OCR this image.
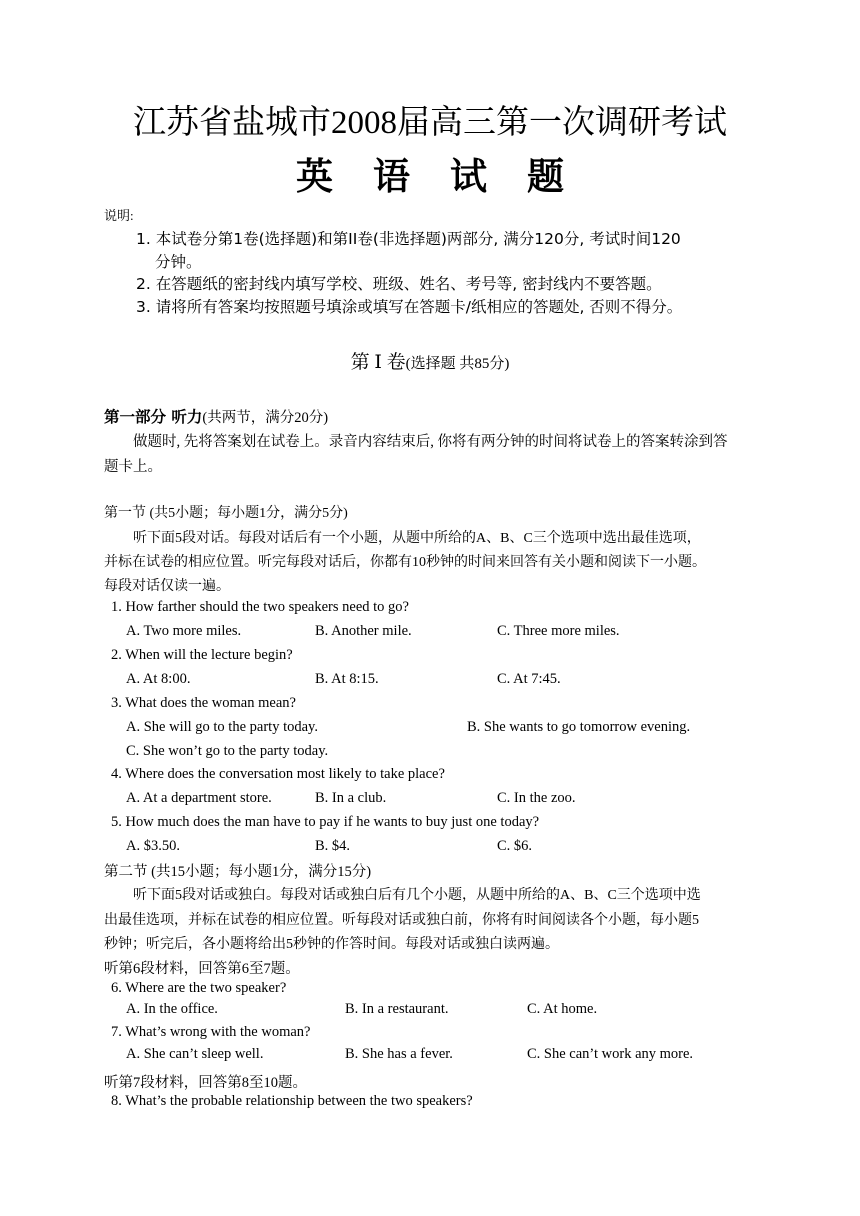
江苏省盐城市2008届高三第一次调研考试
英语试题
说明:
1. 本试卷分第1卷(选择题)和第II卷(非选择题)两部分, 满分120分, 考试时间120
分钟。
2. 在答题纸的密封线内填写学校、班级、姓名、考号等, 密封线内不要答题。
3. 请将所有答案均按照题号填涂或填写在答题卡/纸相应的答题处, 否则不得分。
第 Ⅰ 卷(选择题 共85分)
第一部分 听力(共两节，满分20分)
做题时, 先将答案划在试卷上。录音内容结束后, 你将有两分钟的时间将试卷上的答案转涂到答
题卡上。
第一节 (共5小题；每小题1分，满分5分)
听下面5段对话。每段对话后有一个小题，从题中所给的A、B、C三个选项中选出最佳选项，
并标在试卷的相应位置。听完每段对话后，你都有10秒钟的时间来回答有关小题和阅读下一小题。
每段对话仅读一遍。
1. How farther should the two speakers need to go?
A. Two more miles.	B. Another mile.	C. Three more miles.
2. When will the lecture begin?
A. At 8:00.	B. At 8:15.	C. At 7:45.
3. What does the woman mean?
A. She will go to the party today.	B. She wants to go tomorrow evening.
C. She won’t go to the party today.
4. Where does the conversation most likely to take place?
A. At a department store.	B. In a club.	C. In the zoo.
5. How much does the man have to pay if he wants to buy just one today?
A. $3.50.	B. $4.	C. $6.
第二节 (共15小题；每小题1分，满分15分)
听下面5段对话或独白。每段对话或独白后有几个小题，从题中所给的A、B、C三个选项中选
出最佳选项，并标在试卷的相应位置。听每段对话或独白前，你将有时间阅读各个小题，每小题5
秒钟；听完后，各小题将给出5秒钟的作答时间。每段对话或独白读两遍。
听第6段材料，回答第6至7题。
6. Where are the two speaker?
A. In the office.	B. In a restaurant.	C. At home.
7. What’s wrong with the woman?
A. She can’t sleep well.	B. She has a fever.	C. She can’t work any more.
听第7段材料，回答第8至10题。
8. What’s the probable relationship between the two speakers?
